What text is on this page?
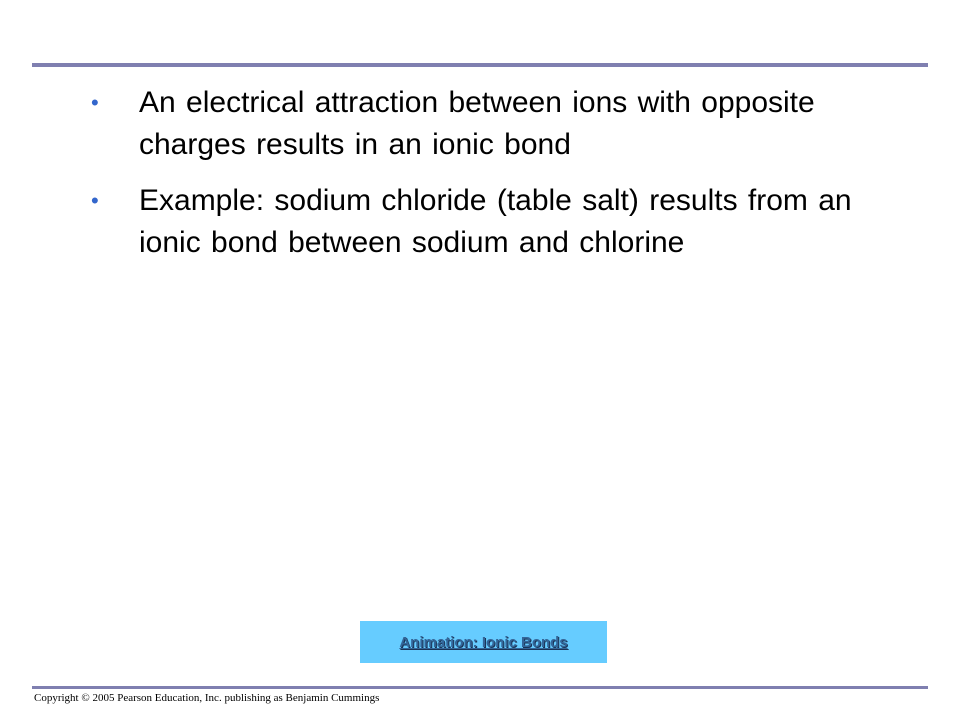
• An electrical attraction between ions with opposite charges results in an ionic bond
• Example: sodium chloride (table salt) results from an ionic bond between sodium and chlorine
Animation: Ionic Bonds
Copyright © 2005 Pearson Education, Inc. publishing as Benjamin Cummings
